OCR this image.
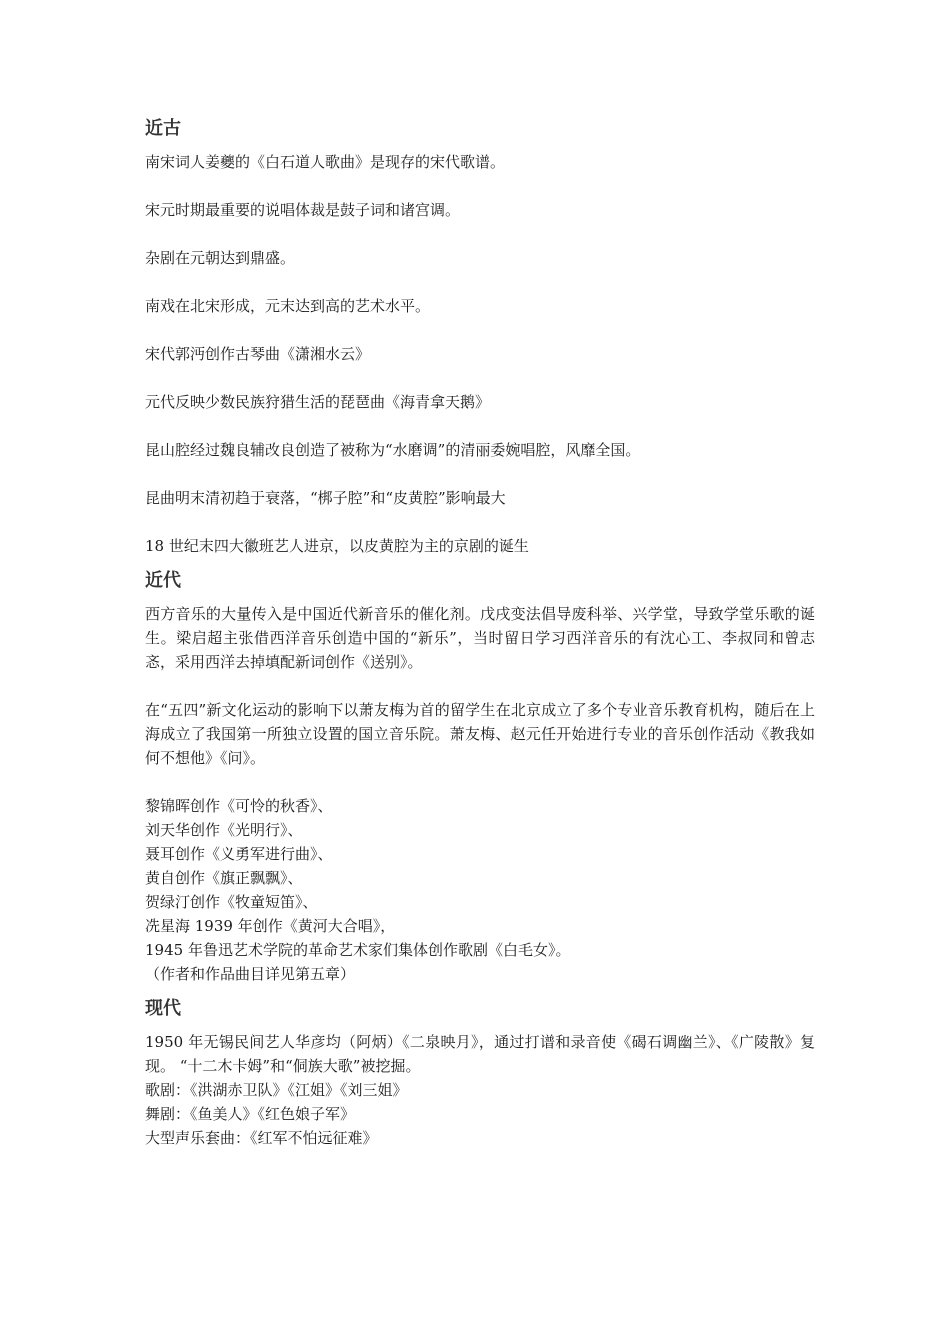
近古

南宋词人姜夔的《白石道人歌曲》是现存的宋代歌谱。

宋元时期最重要的说唱体裁是鼓子词和诸宫调。

杂剧在元朝达到鼎盛。

南戏在北宋形成，元末达到高的艺术水平。

宋代郭沔创作古琴曲《潇湘水云》

元代反映少数民族狩猎生活的琵琶曲《海青拿天鹅》

昆山腔经过魏良辅改良创造了被称为“水磨调”的清丽委婉唱腔，风靡全国。

昆曲明末清初趋于衰落，“梆子腔”和“皮黄腔”影响最大

18 世纪末四大徽班艺人进京，以皮黄腔为主的京剧的诞生

近代

西方音乐的大量传入是中国近代新音乐的催化剂。戊戌变法倡导废科举、兴学堂，导致学堂乐歌的诞生。梁启超主张借西洋音乐创造中国的“新乐”，当时留日学习西洋音乐的有沈心工、李叔同和曾志忞，采用西洋去掉填配新词创作《送别》。

在“五四”新文化运动的影响下以萧友梅为首的留学生在北京成立了多个专业音乐教育机构，随后在上海成立了我国第一所独立设置的国立音乐院。萧友梅、赵元任开始进行专业的音乐创作活动《教我如何不想他》《问》。

黎锦晖创作《可怜的秋香》、
刘天华创作《光明行》、
聂耳创作《义勇军进行曲》、
黄自创作《旗正飘飘》、
贺绿汀创作《牧童短笛》、
冼星海 1939 年创作《黄河大合唱》，
1945 年鲁迅艺术学院的革命艺术家们集体创作歌剧《白毛女》。
（作者和作品曲目详见第五章）
现代

1950 年无锡民间艺人华彦均（阿炳）《二泉映月》，通过打谱和录音使《碣石调幽兰》、《广陵散》复现。 “十二木卡姆”和“侗族大歌”被挖掘。

歌剧：《洪湖赤卫队》《江姐》《刘三姐》
舞剧：《鱼美人》《红色娘子军》
大型声乐套曲：《红军不怕远征难》
